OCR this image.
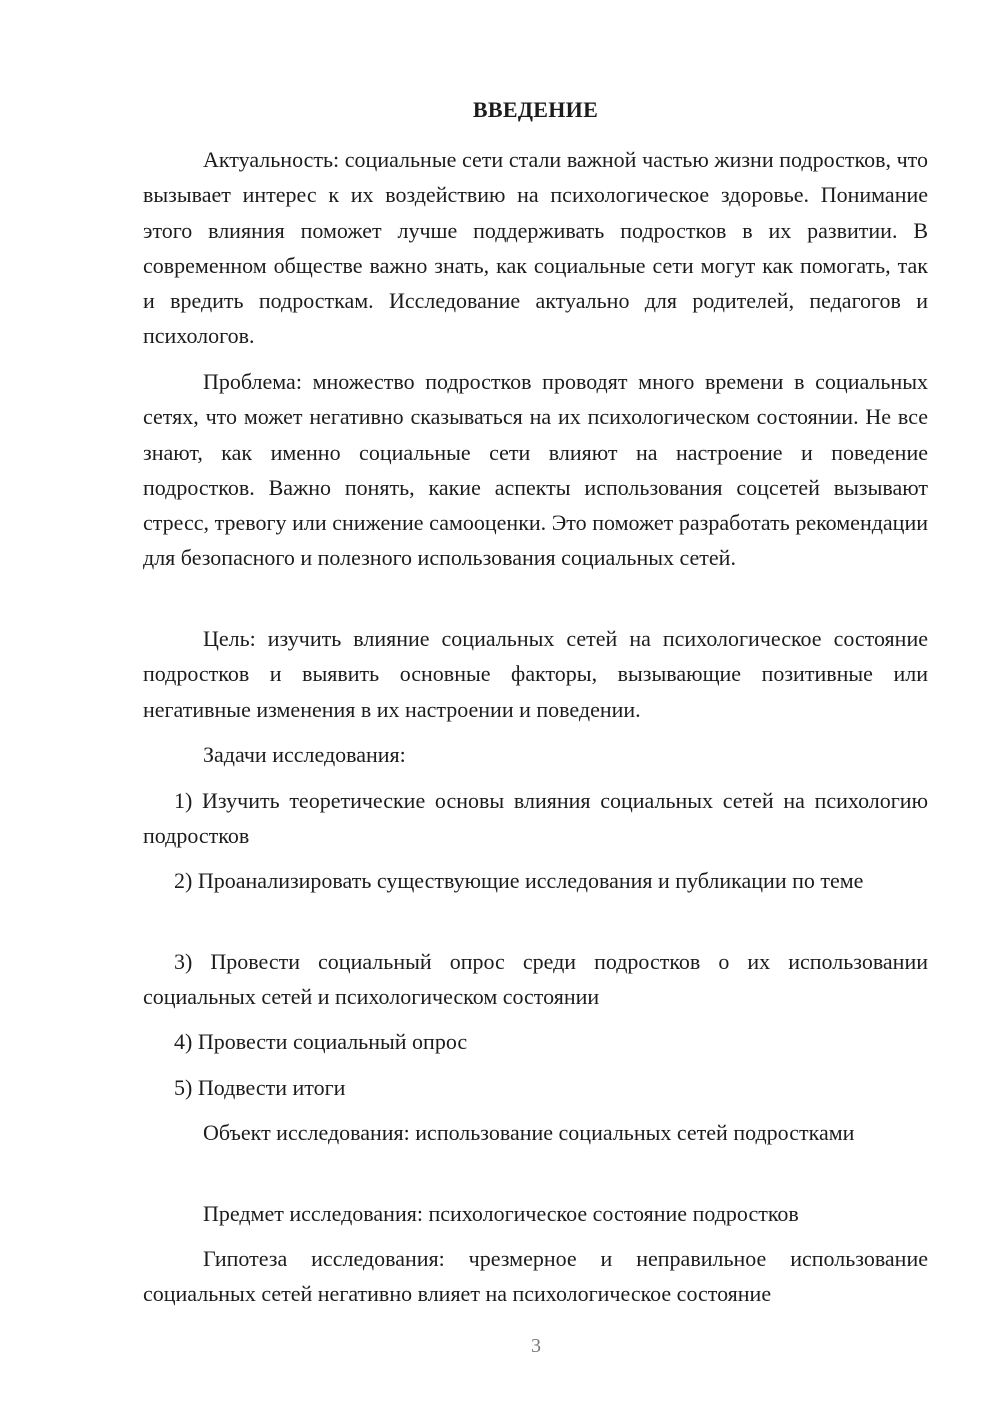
ВВЕДЕНИЕ

Актуальность: социальные сети стали важной частью жизни подростков, что вызывает интерес к их воздействию на психологическое здоровье. Понимание этого влияния поможет лучше поддерживать подростков в их развитии. В современном обществе важно знать, как социальные сети могут как помогать, так и вредить подросткам. Исследование актуально для родителей, педагогов и психологов.

Проблема: множество подростков проводят много времени в социальных сетях, что может негативно сказываться на их психологическом состоянии. Не все знают, как именно социальные сети влияют на настроение и поведение подростков. Важно понять, какие аспекты использования соцсетей вызывают стресс, тревогу или снижение самооценки. Это поможет разработать рекомендации для безопасного и полезного использования социальных сетей.

Цель: изучить влияние социальных сетей на психологическое состояние подростков и выявить основные факторы, вызывающие позитивные или негативные изменения в их настроении и поведении.

Задачи исследования:

1) Изучить теоретические основы влияния социальных сетей на психологию подростков

2) Проанализировать существующие исследования и публикации по теме

3) Провести социальный опрос среди подростков о их использовании социальных сетей и психологическом состоянии

4) Провести социальный опрос

5) Подвести итоги

Объект исследования: использование социальных сетей подростками

Предмет исследования: психологическое состояние подростков

Гипотеза исследования: чрезмерное и неправильное использование социальных сетей негативно влияет на психологическое состояние

3
